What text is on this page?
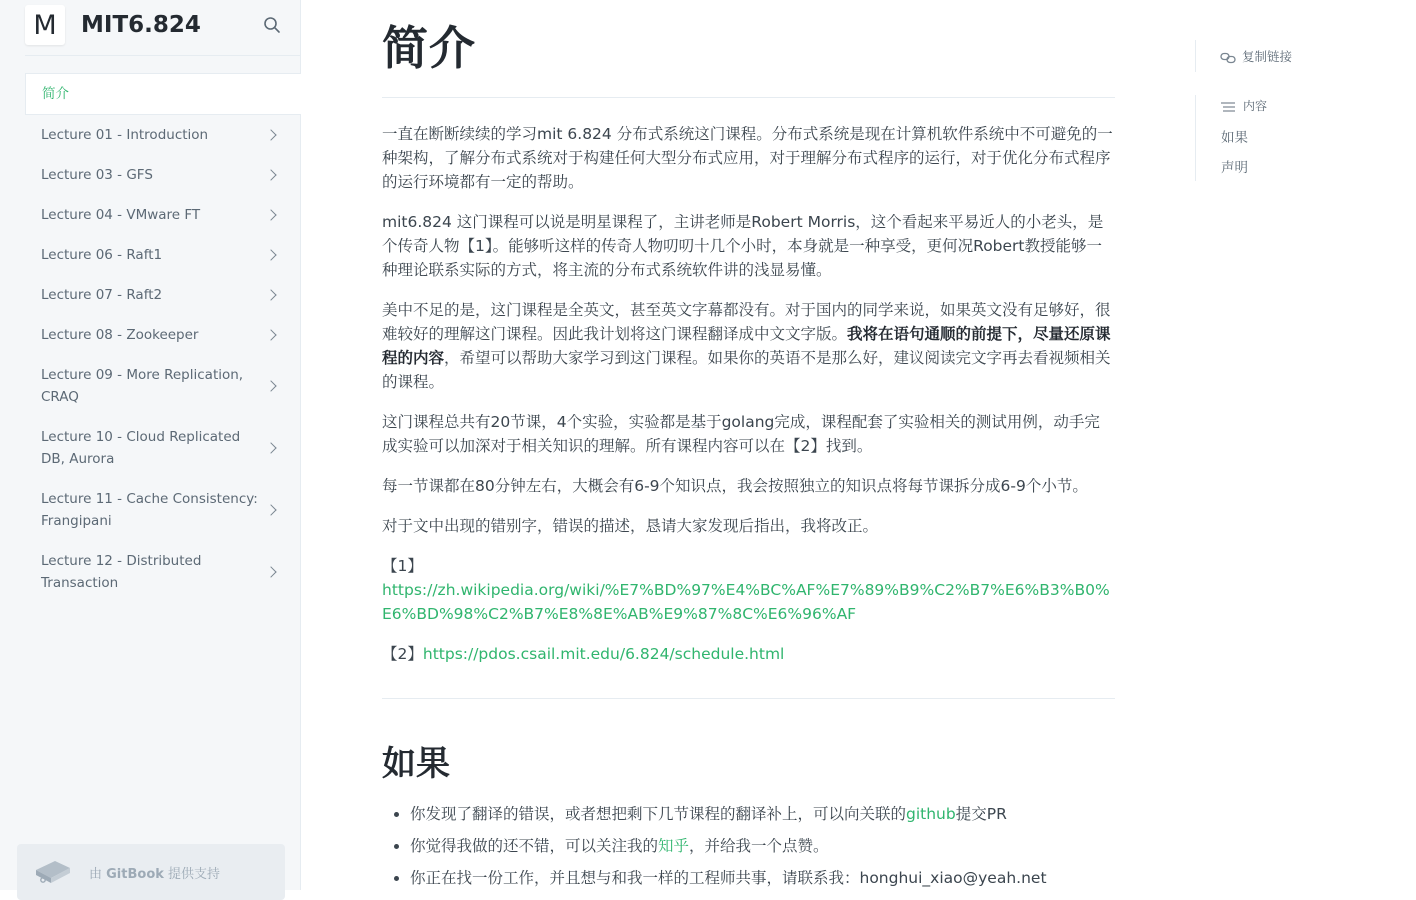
M	MIT6.824
简介
Lecture 01 - Introduction
Lecture 03 - GFS
Lecture 04 - VMware FT
Lecture 06 - Raft1
Lecture 07 - Raft2
Lecture 08 - Zookeeper
Lecture 09 - More Replication, CRAQ
Lecture 10 - Cloud Replicated DB, Aurora
Lecture 11 - Cache Consistency: Frangipani
Lecture 12 - Distributed Transaction
由 GitBook 提供支持
简介

一直在断断续续的学习mit 6.824 分布式系统这门课程。分布式系统是现在计算机软件系统中不可避免的一种架构，了解分布式系统对于构建任何大型分布式应用，对于理解分布式程序的运行，对于优化分布式程序的运行环境都有一定的帮助。

mit6.824 这门课程可以说是明星课程了，主讲老师是Robert Morris，这个看起来平易近人的小老头，是个传奇人物【1】。能够听这样的传奇人物叨叨十几个小时，本身就是一种享受，更何况Robert教授能够一种理论联系实际的方式，将主流的分布式系统软件讲的浅显易懂。

美中不足的是，这门课程是全英文，甚至英文字幕都没有。对于国内的同学来说，如果英文没有足够好，很难较好的理解这门课程。因此我计划将这门课程翻译成中文文字版。我将在语句通顺的前提下，尽量还原课程的内容，希望可以帮助大家学习到这门课程。如果你的英语不是那么好，建议阅读完文字再去看视频相关的课程。

这门课程总共有20节课，4个实验，实验都是基于golang完成，课程配套了实验相关的测试用例，动手完成实验可以加深对于相关知识的理解。所有课程内容可以在【2】找到。

每一节课都在80分钟左右，大概会有6-9个知识点，我会按照独立的知识点将每节课拆分成6-9个小节。

对于文中出现的错别字，错误的描述，恳请大家发现后指出，我将改正。

【1】
https://zh.wikipedia.org/wiki/%E7%BD%97%E4%BC%AF%E7%89%B9%C2%B7%E6%B3%B0%E6%BD%98%C2%B7%E8%8E%AB%E9%87%8C%E6%96%AF

【2】https://pdos.csail.mit.edu/6.824/schedule.html

如果
• 你发现了翻译的错误，或者想把剩下几节课程的翻译补上，可以向关联的github提交PR
• 你觉得我做的还不错，可以关注我的知乎，并给我一个点赞。
• 你正在找一份工作，并且想与和我一样的工程师共事，请联系我：honghui_xiao@yeah.net
复制链接
内容
如果
声明
